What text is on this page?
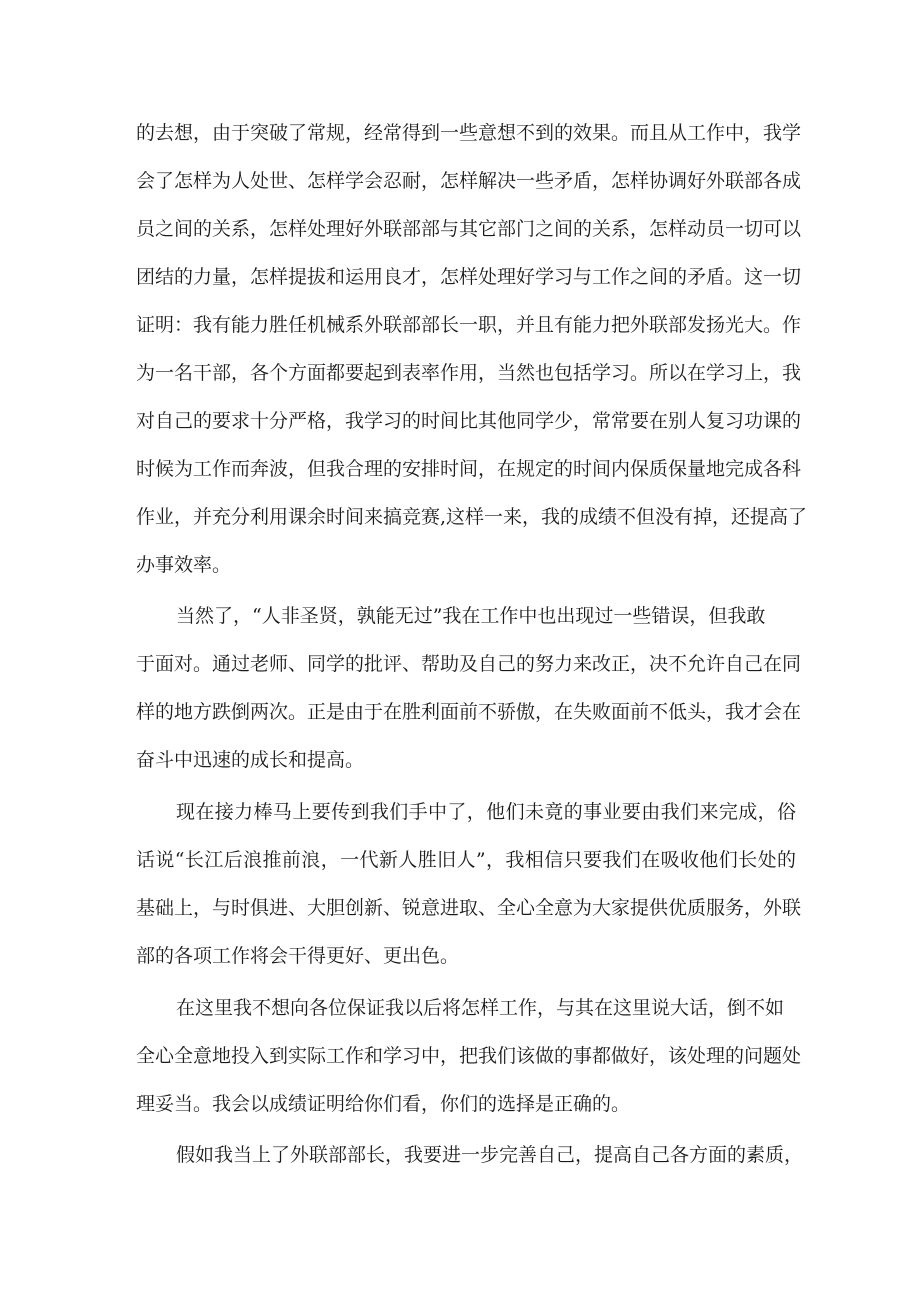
的去想，由于突破了常规，经常得到一些意想不到的效果。而且从工作中，我学
会了怎样为人处世、怎样学会忍耐，怎样解决一些矛盾，怎样协调好外联部各成
员之间的关系，怎样处理好外联部部与其它部门之间的关系，怎样动员一切可以
团结的力量，怎样提拔和运用良才，怎样处理好学习与工作之间的矛盾。这一切
证明：我有能力胜任机械系外联部部长一职，并且有能力把外联部发扬光大。作
为一名干部，各个方面都要起到表率作用，当然也包括学习。所以在学习上，我
对自己的要求十分严格，我学习的时间比其他同学少，常常要在别人复习功课的
时候为工作而奔波，但我合理的安排时间，在规定的时间内保质保量地完成各科
作业，并充分利用课余时间来搞竞赛,这样一来，我的成绩不但没有掉，还提高了
办事效率。
当然了，“人非圣贤，孰能无过”我在工作中也出现过一些错误，但我敢
于面对。通过老师、同学的批评、帮助及自己的努力来改正，决不允许自己在同
样的地方跌倒两次。正是由于在胜利面前不骄傲，在失败面前不低头，我才会在
奋斗中迅速的成长和提高。
现在接力棒马上要传到我们手中了，他们未竟的事业要由我们来完成，俗
话说“长江后浪推前浪，一代新人胜旧人”，我相信只要我们在吸收他们长处的
基础上，与时俱进、大胆创新、锐意进取、全心全意为大家提供优质服务，外联
部的各项工作将会干得更好、更出色。
在这里我不想向各位保证我以后将怎样工作，与其在这里说大话，倒不如
全心全意地投入到实际工作和学习中，把我们该做的事都做好，该处理的问题处
理妥当。我会以成绩证明给你们看，你们的选择是正确的。
假如我当上了外联部部长，我要进一步完善自己，提高自己各方面的素质，
